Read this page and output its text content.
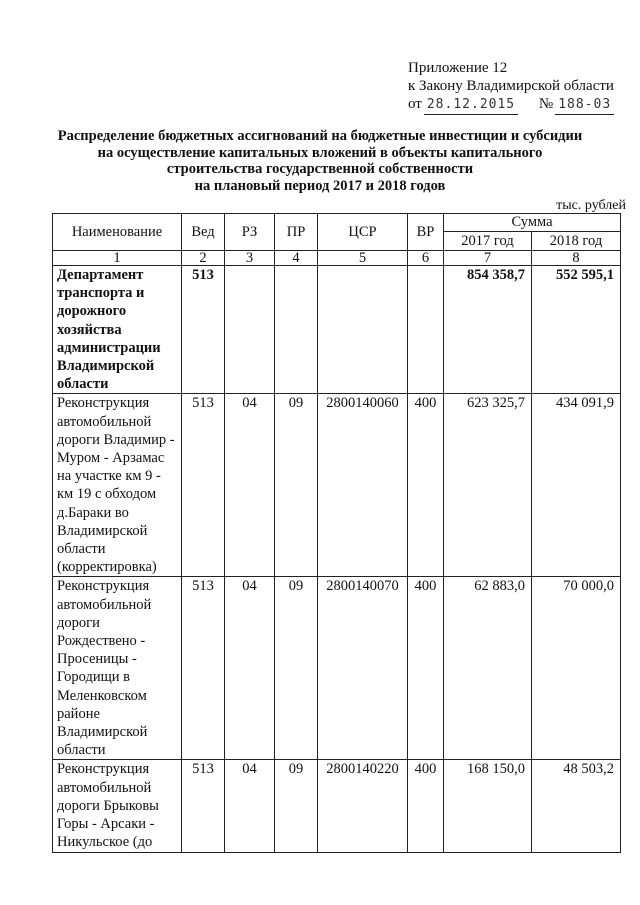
Приложение 12
к Закону Владимирской области
от 28.12.2015 № 188-03
Распределение бюджетных ассигнований на бюджетные инвестиции и субсидии
на осуществление капитальных вложений в объекты капитального
строительства государственной собственности
на плановый период 2017 и 2018 годов
тыс. рублей
Наименование	Вед	РЗ	ПР	ЦСР	ВР	Сумма	
						2017 год	2018 год
1	2	3	4	5	6	7	8
Департамент транспорта и дорожного хозяйства администрации Владимирской области	513					854 358,7	552 595,1
Реконструкция автомобильной дороги Владимир - Муром - Арзамас на участке км 9 - км 19 с обходом д.Бараки во Владимирской области (корректировка)	513	04	09	2800140060	400	623 325,7	434 091,9
Реконструкция автомобильной дороги Рождествено - Просеницы - Городищи в Меленковском районе Владимирской области	513	04	09	2800140070	400	62 883,0	70 000,0
Реконструкция автомобильной дороги Брыковы Горы - Арсаки - Никульское (до	513	04	09	2800140220	400	168 150,0	48 503,2
